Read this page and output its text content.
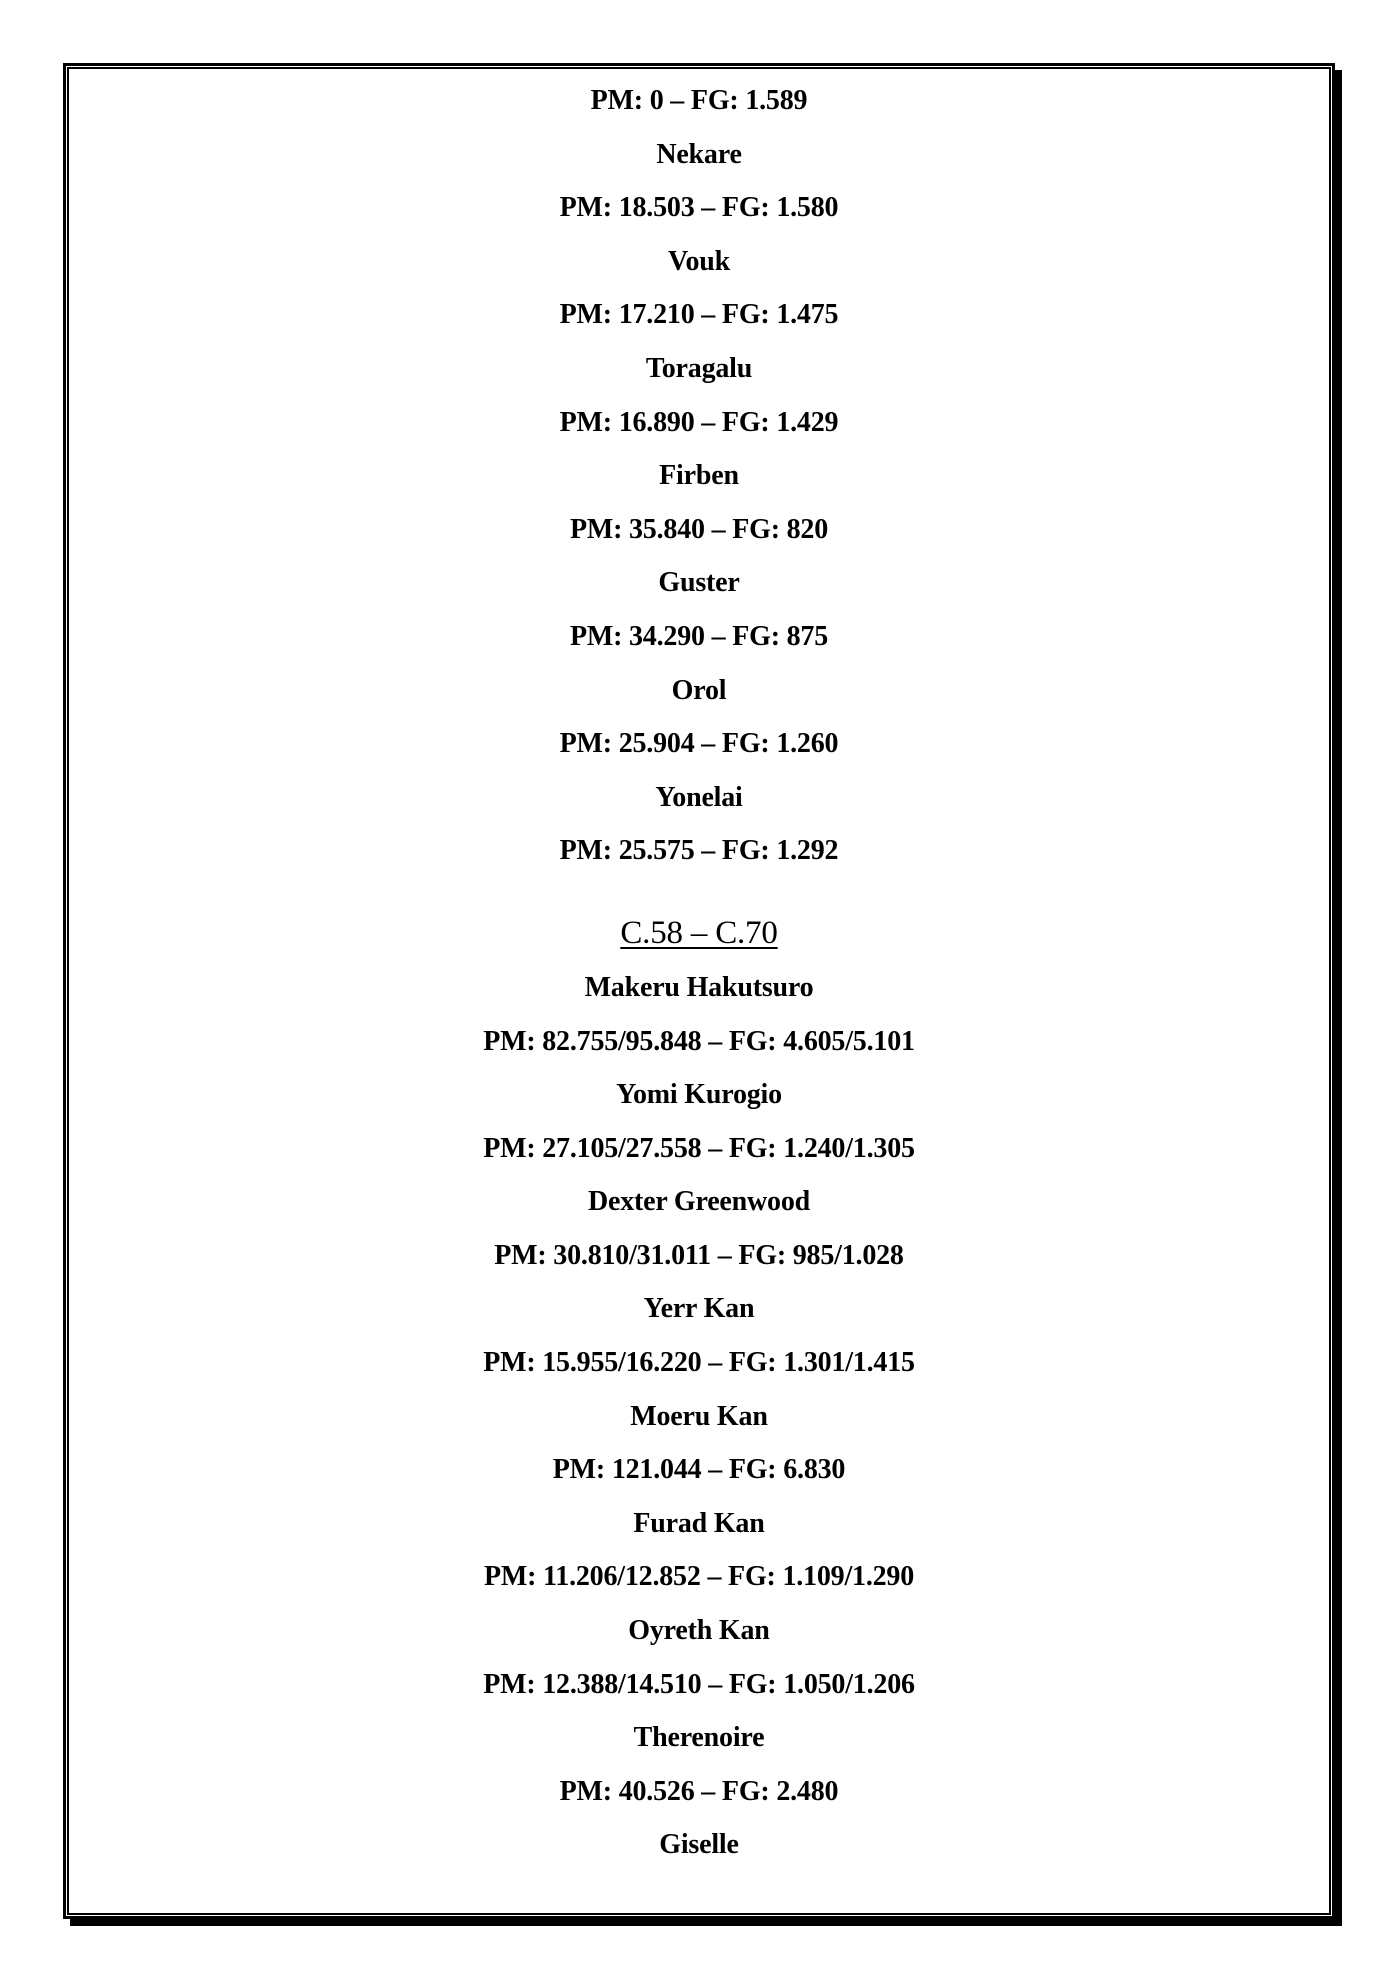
PM: 0 – FG: 1.589
Nekare
PM: 18.503 – FG: 1.580
Vouk
PM: 17.210 – FG: 1.475
Toragalu
PM: 16.890 – FG: 1.429
Firben
PM: 35.840 – FG: 820
Guster
PM: 34.290 – FG: 875
Orol
PM: 25.904 – FG: 1.260
Yonelai
PM: 25.575 – FG: 1.292
C.58 – C.70
Makeru Hakutsuro
PM: 82.755/95.848 – FG: 4.605/5.101
Yomi Kurogio
PM: 27.105/27.558 – FG: 1.240/1.305
Dexter Greenwood
PM: 30.810/31.011 – FG: 985/1.028
Yerr Kan
PM: 15.955/16.220 – FG: 1.301/1.415
Moeru Kan
PM: 121.044 – FG: 6.830
Furad Kan
PM: 11.206/12.852 – FG: 1.109/1.290
Oyreth Kan
PM: 12.388/14.510 – FG: 1.050/1.206
Therenoire
PM: 40.526 – FG: 2.480
Giselle
